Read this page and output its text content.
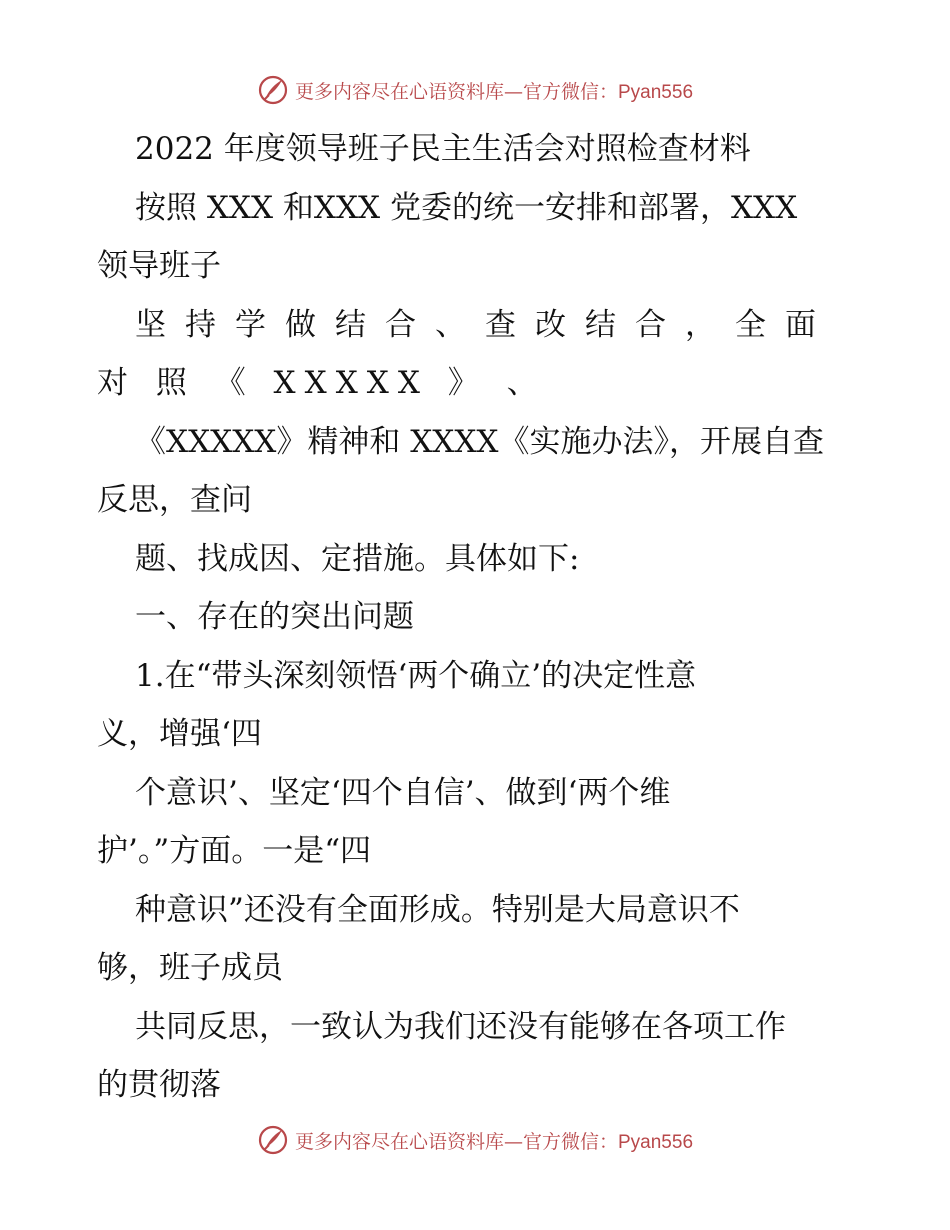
更多内容尽在心语资料库— 官方微信：Pyan556
2022 年度领导班子民主生活会对照检查材料
按照 XXX 和XXX 党委的统一安排和部署，XXX
领导班子
坚持学做结合、查改结合，全面
对 照 《 XXXXX 》 、
《XXXXX》精神和 XXXX《实施办法》，开展自查
反思，查问
题、找成因、定措施。具体如下:
一、存在的突出问题
1.在“带头深刻领悟‘两个确立’的决定性意
义，增强‘四
个意识’、坚定‘四个自信’、做到‘两个维
护’。”方面。一是“四
种意识”还没有全面形成。特别是大局意识不
够，班子成员
共同反思，一致认为我们还没有能够在各项工作
的贯彻落
更多内容尽在心语资料库— 官方微信：Pyan556
